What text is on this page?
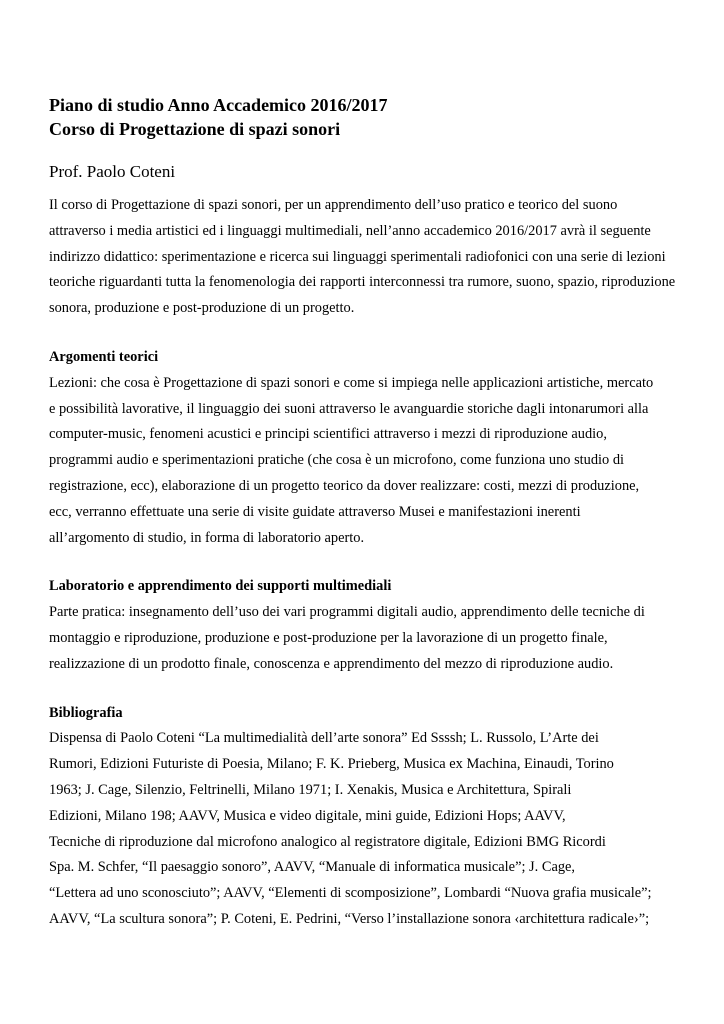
Piano di studio Anno Accademico 2016/2017
Corso di Progettazione di spazi sonori
Prof. Paolo Coteni
Il corso di Progettazione di spazi sonori, per un apprendimento dell’uso pratico e teorico del suono
attraverso i media artistici ed i linguaggi multimediali, nell’anno accademico 2016/2017 avrà il seguente
indirizzo didattico: sperimentazione e ricerca sui linguaggi sperimentali radiofonici con una serie di lezioni
teoriche riguardanti tutta la fenomenologia dei rapporti interconnessi tra rumore, suono, spazio, riproduzione
sonora, produzione e post-produzione di un progetto.
Argomenti teorici
Lezioni: che cosa è Progettazione di spazi sonori e come si impiega nelle applicazioni artistiche, mercato
e possibilità lavorative, il linguaggio dei suoni attraverso le avanguardie storiche dagli intonarumori alla
computer-music, fenomeni acustici e principi scientifici attraverso i mezzi di riproduzione audio,
programmi audio e sperimentazioni pratiche (che cosa è un microfono, come funziona uno studio di
registrazione, ecc), elaborazione di un progetto teorico da dover realizzare: costi, mezzi di produzione,
ecc, verranno effettuate una serie di visite guidate attraverso Musei e manifestazioni inerenti
all’argomento di studio, in forma di laboratorio aperto.
Laboratorio e apprendimento dei supporti multimediali
Parte pratica: insegnamento dell’uso dei vari programmi digitali audio, apprendimento delle tecniche di
montaggio e riproduzione, produzione e post-produzione per la lavorazione di un progetto finale,
realizzazione di un prodotto finale, conoscenza e apprendimento del mezzo di riproduzione audio.
Bibliografia
Dispensa di Paolo Coteni “La multimedialità dell’arte sonora” Ed Ssssh; L. Russolo, L’Arte dei
Rumori, Edizioni Futuriste di Poesia, Milano; F. K. Prieberg, Musica ex Machina, Einaudi, Torino
1963; J. Cage, Silenzio, Feltrinelli, Milano 1971; I. Xenakis, Musica e Architettura, Spirali
Edizioni, Milano 198; AAVV, Musica e video digitale, mini guide, Edizioni Hops; AAVV,
Tecniche di riproduzione dal microfono analogico al registratore digitale, Edizioni BMG Ricordi
Spa. M. Schfer, “Il paesaggio sonoro”, AAVV, “Manuale di informatica musicale”; J. Cage,
“Lettera ad uno sconosciuto”; AAVV, “Elementi di scomposizione”, Lombardi “Nuova grafia musicale”;
AAVV, “La scultura sonora”; P. Coteni, E. Pedrini, “Verso l’installazione sonora ‹architettura radicale›”;
